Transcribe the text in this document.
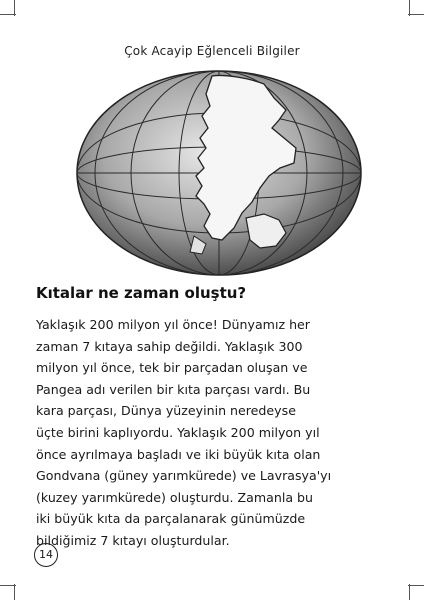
Çok Acayip Eğlenceli Bilgiler
Kıtalar ne zaman oluştu?
Yaklaşık 200 milyon yıl önce! Dünyamız her
zaman 7 kıtaya sahip değildi. Yaklaşık 300
milyon yıl önce, tek bir parçadan oluşan ve
Pangea adı verilen bir kıta parçası vardı. Bu
kara parçası, Dünya yüzeyinin neredeyse
üçte birini kaplıyordu. Yaklaşık 200 milyon yıl
önce ayrılmaya başladı ve iki büyük kıta olan
Gondvana (güney yarımkürede) ve Lavrasya'yı
(kuzey yarımkürede) oluşturdu. Zamanla bu
iki büyük kıta da parçalanarak günümüzde
bildiğimiz 7 kıtayı oluşturdular.
14
